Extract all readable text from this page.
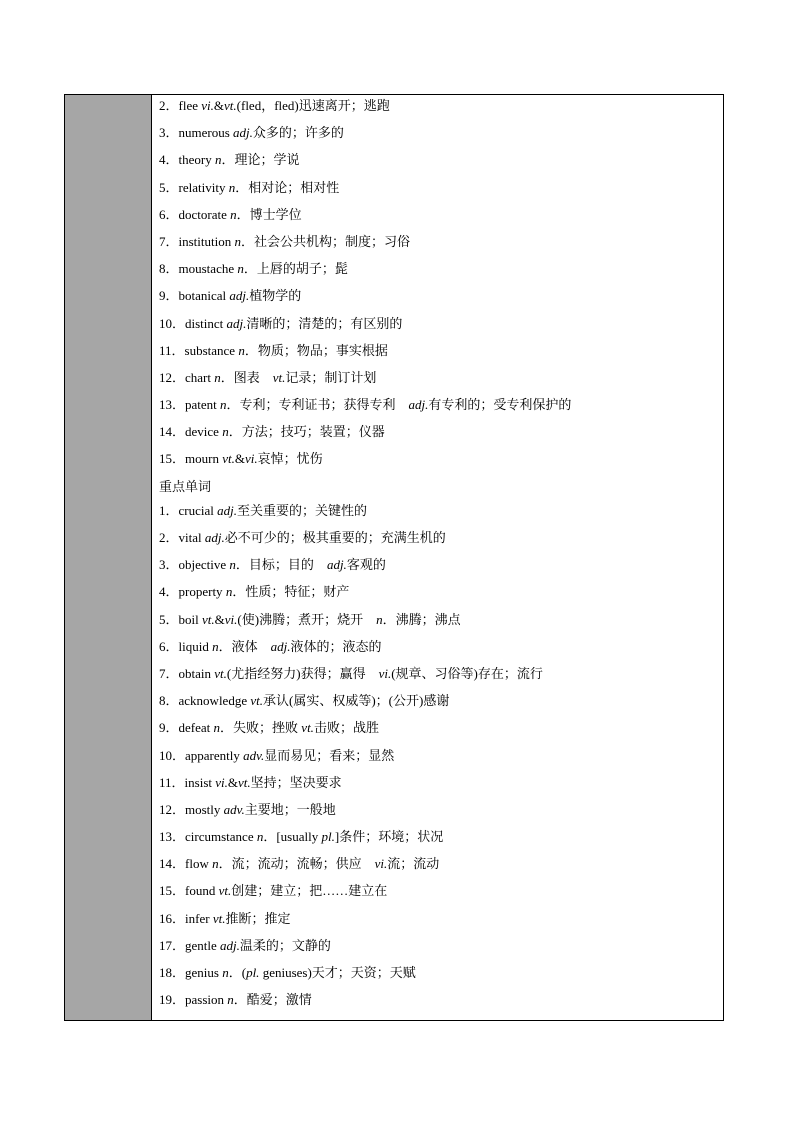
2．flee vi.&vt.(fled，fled)迅速离开；逃跑
3．numerous adj.众多的；许多的
4．theory n．理论；学说
5．relativity n．相对论；相对性
6．doctorate n．博士学位
7．institution n．社会公共机构；制度；习俗
8．moustache n．上唇的胡子；髭
9．botanical adj.植物学的
10．distinct adj.清晰的；清楚的；有区别的
11．substance n．物质；物品；事实根据
12．chart n．图表　vt.记录；制订计划
13．patent n．专利；专利证书；获得专利　adj.有专利的；受专利保护的
14．device n．方法；技巧；装置；仪器
15．mourn vt.&vi.哀悼；忧伤
重点单词
1．crucial adj.至关重要的；关键性的
2．vital adj.必不可少的；极其重要的；充满生机的
3．objective n．目标；目的　adj.客观的
4．property n．性质；特征；财产
5．boil vt.&vi.(使)沸腾；煮开；烧开　n．沸腾；沸点
6．liquid n．液体　adj.液体的；液态的
7．obtain vt.(尤指经努力)获得；赢得　vi.(规章、习俗等)存在；流行
8．acknowledge vt.承认(属实、权威等)；(公开)感谢
9．defeat n．失败；挫败 vt.击败；战胜
10．apparently adv.显而易见；看来；显然
11．insist vi.&vt.坚持；坚决要求
12．mostly adv.主要地；一般地
13．circumstance n．[usually pl.]条件；环境；状况
14．flow n．流；流动；流畅；供应　vi.流；流动
15．found vt.创建；建立；把……建立在
16．infer vt.推断；推定
17．gentle adj.温柔的；文静的
18．genius n．(pl. geniuses)天才；天资；天赋
19．passion n．酷爱；激情
